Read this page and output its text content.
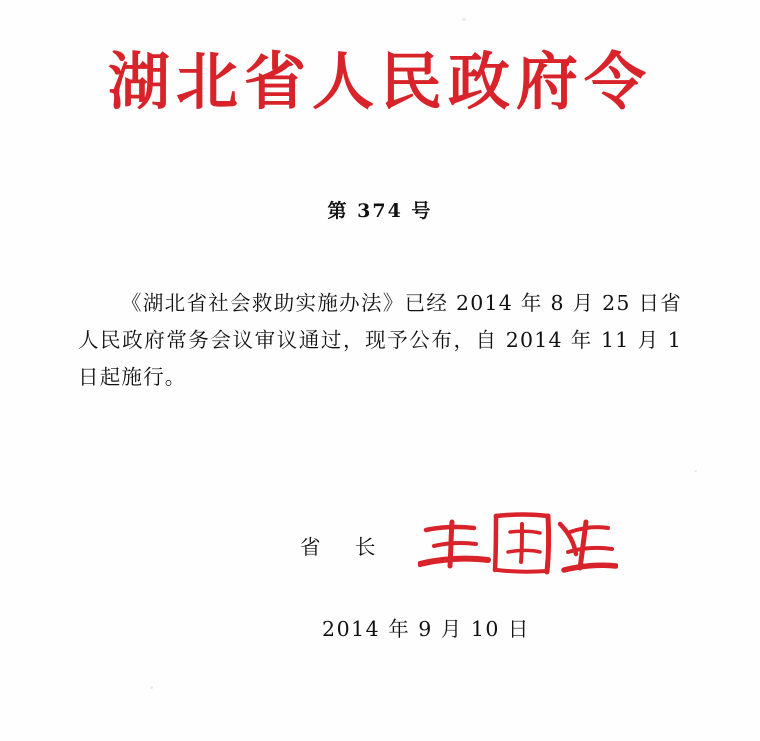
湖北省人民政府令
第 374 号

《湖北省社会救助实施办法》已经 2014 年 8 月 25 日省人民政府常务会议审议通过，现予公布，自 2014 年 11 月 1 日起施行。

省 长
2014 年 9 月 10 日
